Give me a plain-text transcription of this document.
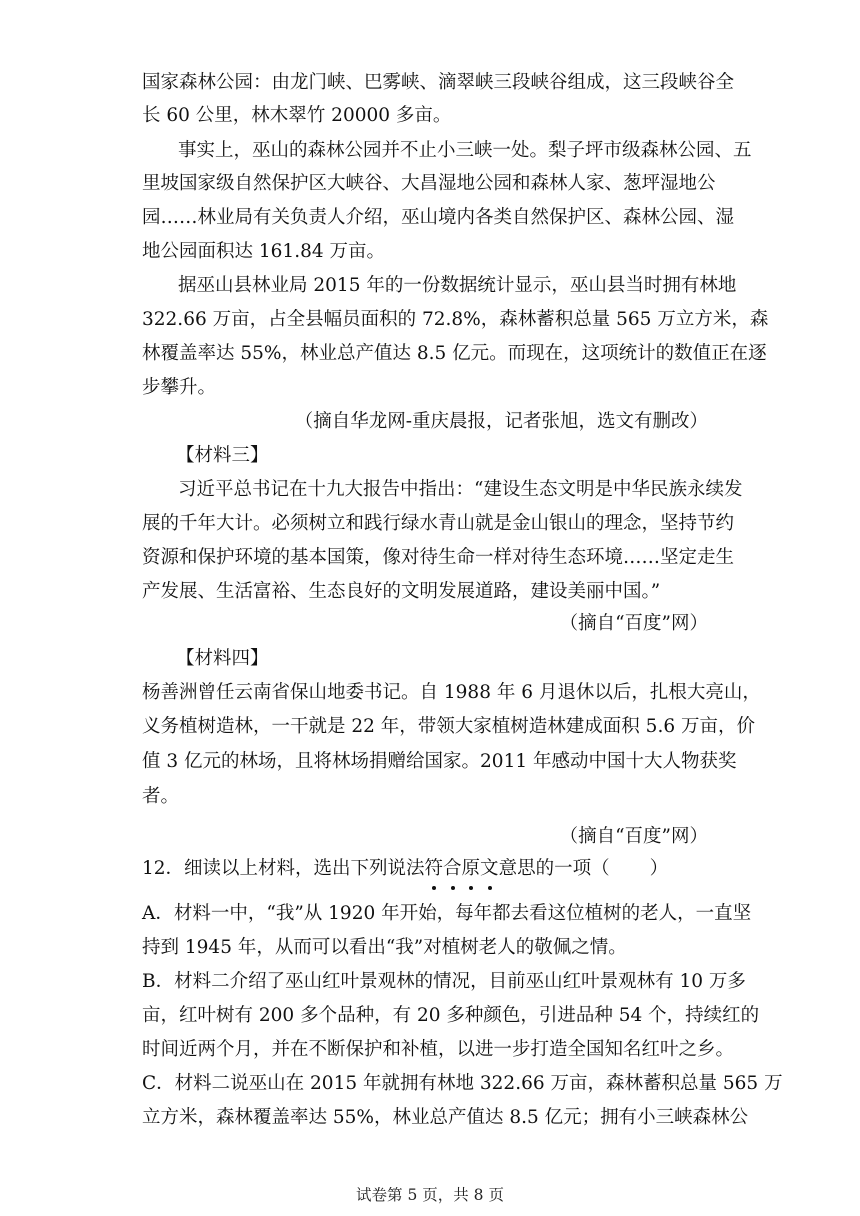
国家森林公园：由龙门峡、巴雾峡、滴翠峡三段峡谷组成，这三段峡谷全
长 60 公里，林木翠竹 20000 多亩。
事实上，巫山的森林公园并不止小三峡一处。梨子坪市级森林公园、五
里坡国家级自然保护区大峡谷、大昌湿地公园和森林人家、葱坪湿地公
园……林业局有关负责人介绍，巫山境内各类自然保护区、森林公园、湿
地公园面积达 161.84 万亩。
据巫山县林业局 2015 年的一份数据统计显示，巫山县当时拥有林地
322.66 万亩，占全县幅员面积的 72.8%，森林蓄积总量 565 万立方米，森
林覆盖率达 55%，林业总产值达 8.5 亿元。而现在，这项统计的数值正在逐
步攀升。
（摘自华龙网-重庆晨报，记者张旭，选文有删改）
【材料三】
习近平总书记在十九大报告中指出：“建设生态文明是中华民族永续发
展的千年大计。必须树立和践行绿水青山就是金山银山的理念，坚持节约
资源和保护环境的基本国策，像对待生命一样对待生态环境……坚定走生
产发展、生活富裕、生态良好的文明发展道路，建设美丽中国。”
（摘自“百度”网）
【材料四】
杨善洲曾任云南省保山地委书记。自 1988 年 6 月退休以后，扎根大亮山，
义务植树造林，一干就是 22 年，带领大家植树造林建成面积 5.6 万亩，价
值 3 亿元的林场，且将林场捐赠给国家。2011 年感动中国十大人物获奖
者。
（摘自“百度”网）
12．细读以上材料，选出下列说法符合原文
意思的一项（ ）
A．材料一中，“我”从 1920 年开始，每年都去看这位植树的老人，一直坚
持到 1945 年，从而可以看出“我”对植树老人的敬佩之情。
B．材料二介绍了巫山红叶景观林的情况，目前巫山红叶景观林有 10 万多
亩，红叶树有 200 多个品种，有 20 多种颜色，引进品种 54 个，持续红的
时间近两个月，并在不断保护和补植，以进一步打造全国知名红叶之乡。
C．材料二说巫山在 2015 年就拥有林地 322.66 万亩，森林蓄积总量 565 万
立方米，森林覆盖率达 55%，林业总产值达 8.5 亿元；拥有小三峡森林公
试卷第 5 页，共 8 页
